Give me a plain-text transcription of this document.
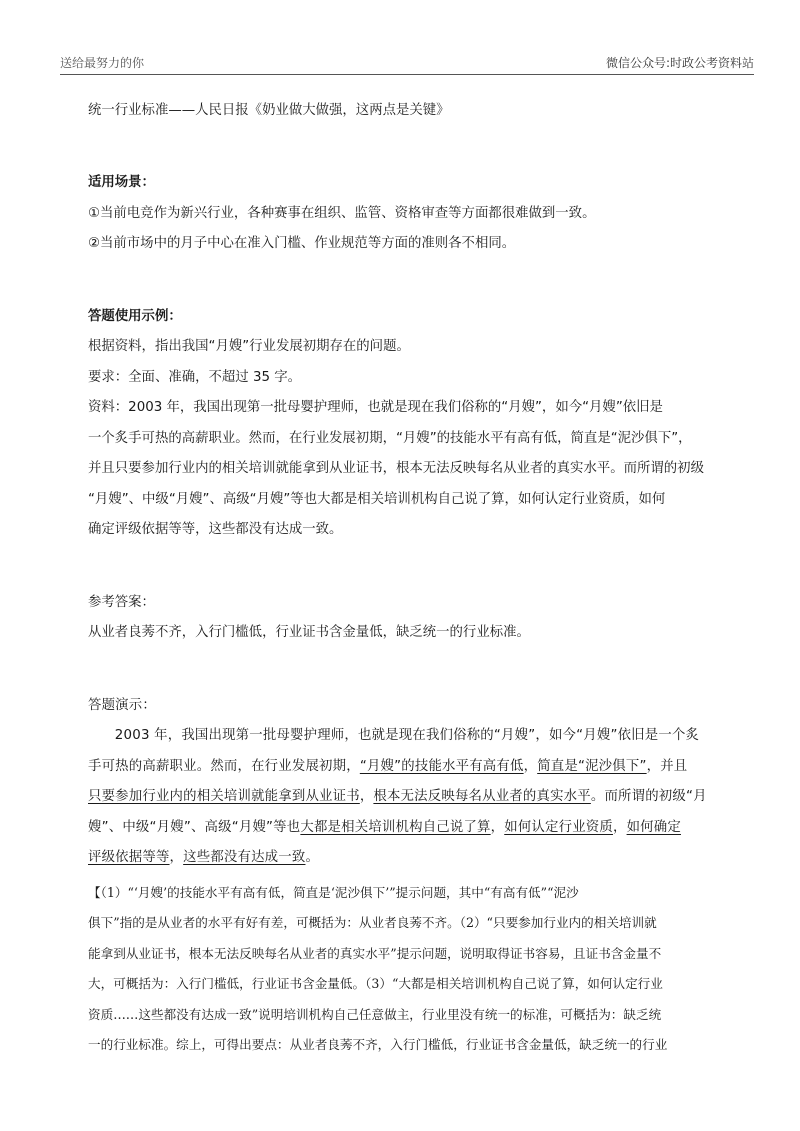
送给最努力的你	微信公众号:时政公考资料站
统一行业标准——人民日报《奶业做大做强，这两点是关键》
适用场景：
①当前电竞作为新兴行业，各种赛事在组织、监管、资格审查等方面都很难做到一致。
②当前市场中的月子中心在准入门槛、作业规范等方面的准则各不相同。
答题使用示例：
根据资料，指出我国“月嫂”行业发展初期存在的问题。
要求：全面、准确，不超过 35 字。
资料：2003 年，我国出现第一批母婴护理师，也就是现在我们俗称的“月嫂”，如今“月嫂”依旧是
一个炙手可热的高薪职业。然而，在行业发展初期，“月嫂”的技能水平有高有低，简直是“泥沙俱下”，
并且只要参加行业内的相关培训就能拿到从业证书，根本无法反映每名从业者的真实水平。而所谓的初级
“月嫂”、中级“月嫂”、高级“月嫂”等也大都是相关培训机构自己说了算，如何认定行业资质，如何
确定评级依据等等，这些都没有达成一致。
参考答案：
从业者良莠不齐，入行门槛低，行业证书含金量低，缺乏统一的行业标准。
答题演示：
2003 年，我国出现第一批母婴护理师，也就是现在我们俗称的“月嫂”，如今“月嫂”依旧是一个炙
手可热的高薪职业。然而，在行业发展初期，“月嫂”的技能水平有高有低，简直是“泥沙俱下”，并且
只要参加行业内的相关培训就能拿到从业证书，根本无法反映每名从业者的真实水平。而所谓的初级“月
嫂”、中级“月嫂”、高级“月嫂”等也大都是相关培训机构自己说了算，如何认定行业资质，如何确定
评级依据等等，这些都没有达成一致。
【（1）“‘月嫂’的技能水平有高有低，简直是‘泥沙俱下’”提示问题，其中“有高有低”“泥沙
俱下”指的是从业者的水平有好有差，可概括为：从业者良莠不齐。（2）“只要参加行业内的相关培训就
能拿到从业证书，根本无法反映每名从业者的真实水平”提示问题，说明取得证书容易，且证书含金量不
大，可概括为：入行门槛低，行业证书含金量低。（3）“大都是相关培训机构自己说了算，如何认定行业
资质……这些都没有达成一致”说明培训机构自己任意做主，行业里没有统一的标准，可概括为：缺乏统
一的行业标准。综上，可得出要点：从业者良莠不齐，入行门槛低，行业证书含金量低，缺乏统一的行业
